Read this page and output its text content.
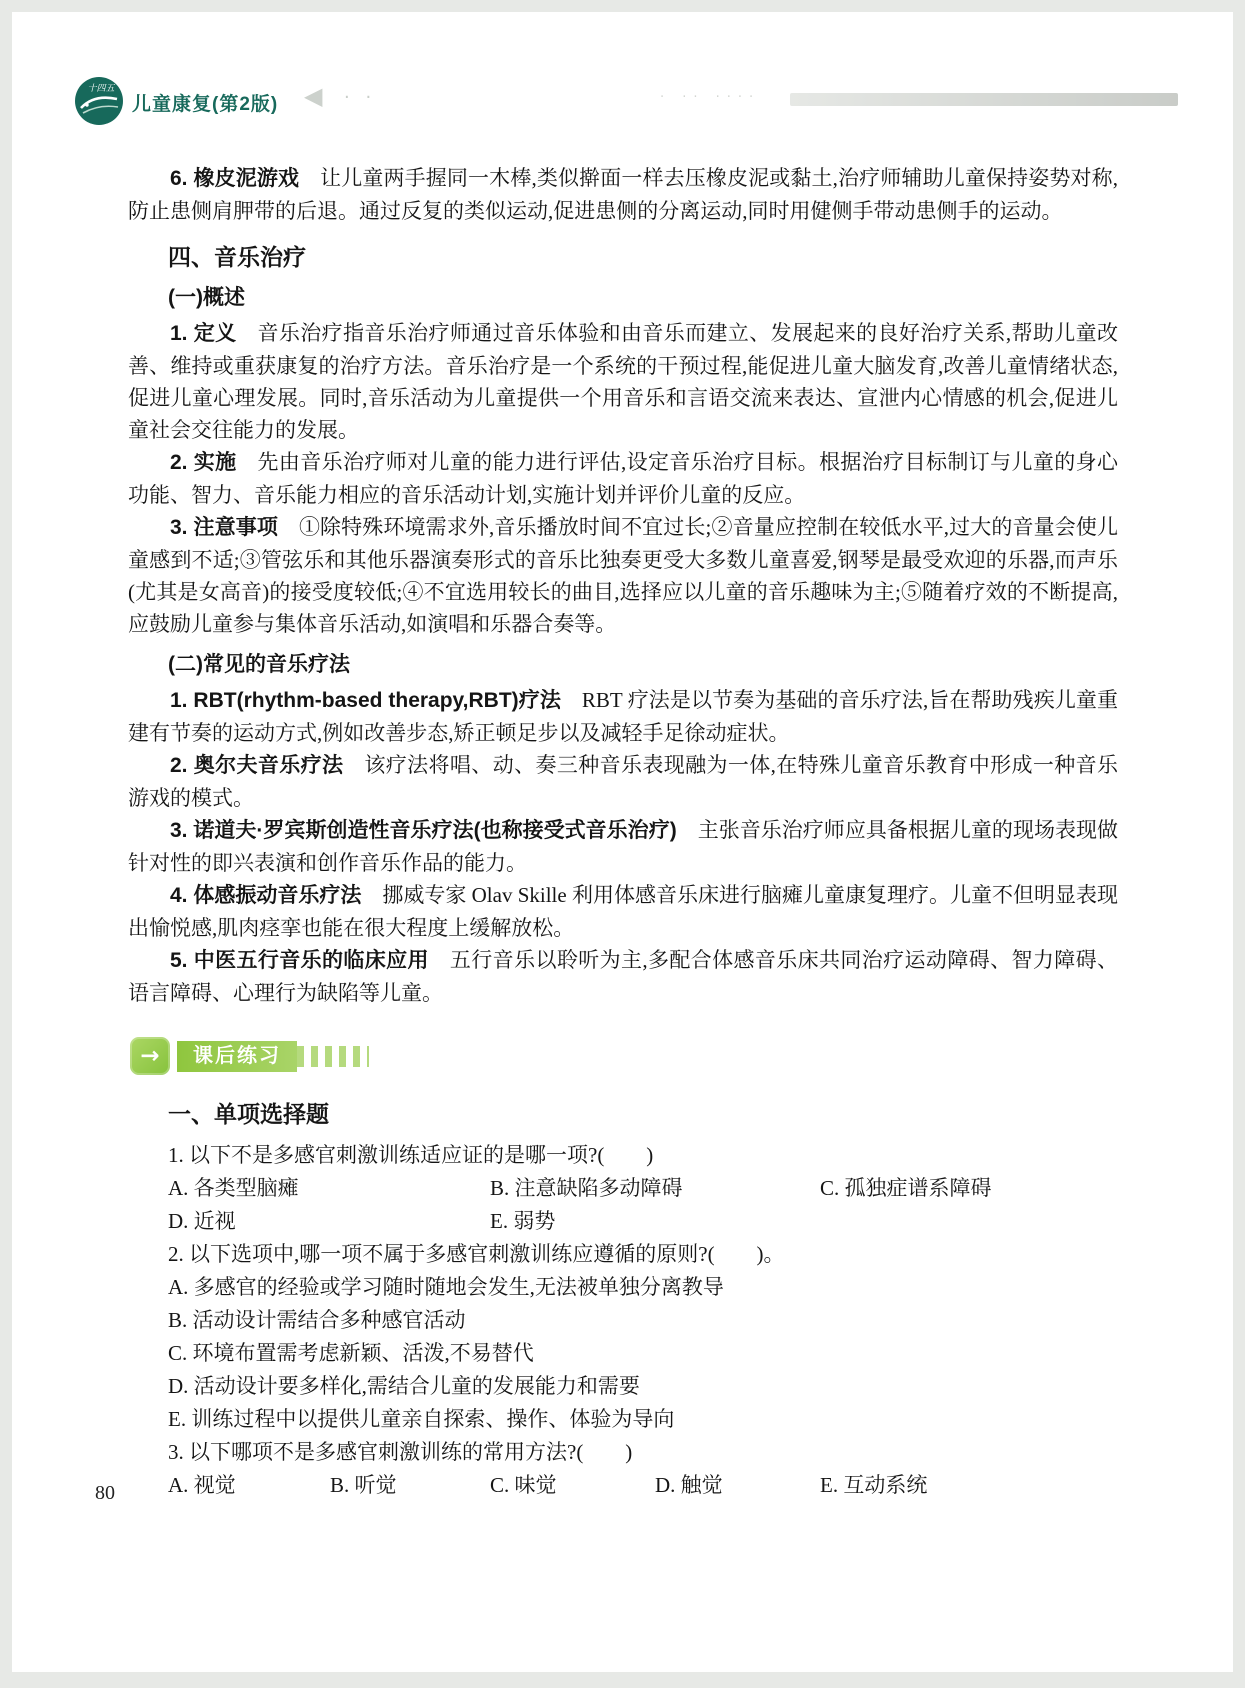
十四五
儿童康复(第2版) ◀ · ·	· ·· ····

6. 橡皮泥游戏 让儿童两手握同一木棒,类似擀面一样去压橡皮泥或黏土,治疗师辅助儿童保持姿势对称,防止患侧肩胛带的后退。通过反复的类似运动,促进患侧的分离运动,同时用健侧手带动患侧手的运动。

四、音乐治疗
(一)概述

1. 定义 音乐治疗指音乐治疗师通过音乐体验和由音乐而建立、发展起来的良好治疗关系,帮助儿童改善、维持或重获康复的治疗方法。音乐治疗是一个系统的干预过程,能促进儿童大脑发育,改善儿童情绪状态,促进儿童心理发展。同时,音乐活动为儿童提供一个用音乐和言语交流来表达、宣泄内心情感的机会,促进儿童社会交往能力的发展。

2. 实施 先由音乐治疗师对儿童的能力进行评估,设定音乐治疗目标。根据治疗目标制订与儿童的身心功能、智力、音乐能力相应的音乐活动计划,实施计划并评价儿童的反应。

3. 注意事项 ①除特殊环境需求外,音乐播放时间不宜过长;②音量应控制在较低水平,过大的音量会使儿童感到不适;③管弦乐和其他乐器演奏形式的音乐比独奏更受大多数儿童喜爱,钢琴是最受欢迎的乐器,而声乐(尤其是女高音)的接受度较低;④不宜选用较长的曲目,选择应以儿童的音乐趣味为主;⑤随着疗效的不断提高,应鼓励儿童参与集体音乐活动,如演唱和乐器合奏等。

(二)常见的音乐疗法

1. RBT(rhythm-based therapy,RBT)疗法 RBT 疗法是以节奏为基础的音乐疗法,旨在帮助残疾儿童重建有节奏的运动方式,例如改善步态,矫正顿足步以及减轻手足徐动症状。

2. 奥尔夫音乐疗法 该疗法将唱、动、奏三种音乐表现融为一体,在特殊儿童音乐教育中形成一种音乐游戏的模式。

3. 诺道夫·罗宾斯创造性音乐疗法(也称接受式音乐治疗) 主张音乐治疗师应具备根据儿童的现场表现做针对性的即兴表演和创作音乐作品的能力。

4. 体感振动音乐疗法 挪威专家 Olav Skille 利用体感音乐床进行脑瘫儿童康复理疗。儿童不但明显表现出愉悦感,肌肉痉挛也能在很大程度上缓解放松。

5. 中医五行音乐的临床应用 五行音乐以聆听为主,多配合体感音乐床共同治疗运动障碍、智力障碍、语言障碍、心理行为缺陷等儿童。

→	课后练习
一、单项选择题

1. 以下不是多感官刺激训练适应证的是哪一项?(　　)

A. 各类型脑瘫	B. 注意缺陷多动障碍	C. 孤独症谱系障碍
D. 近视	E. 弱势

2. 以下选项中,哪一项不属于多感官刺激训练应遵循的原则?(　　)。

A. 多感官的经验或学习随时随地会发生,无法被单独分离教导

B. 活动设计需结合多种感官活动

C. 环境布置需考虑新颖、活泼,不易替代

D. 活动设计要多样化,需结合儿童的发展能力和需要

E. 训练过程中以提供儿童亲自探索、操作、体验为导向

3. 以下哪项不是多感官刺激训练的常用方法?(　　)

A. 视觉	B. 听觉	C. 味觉	D. 触觉	E. 互动系统
80
